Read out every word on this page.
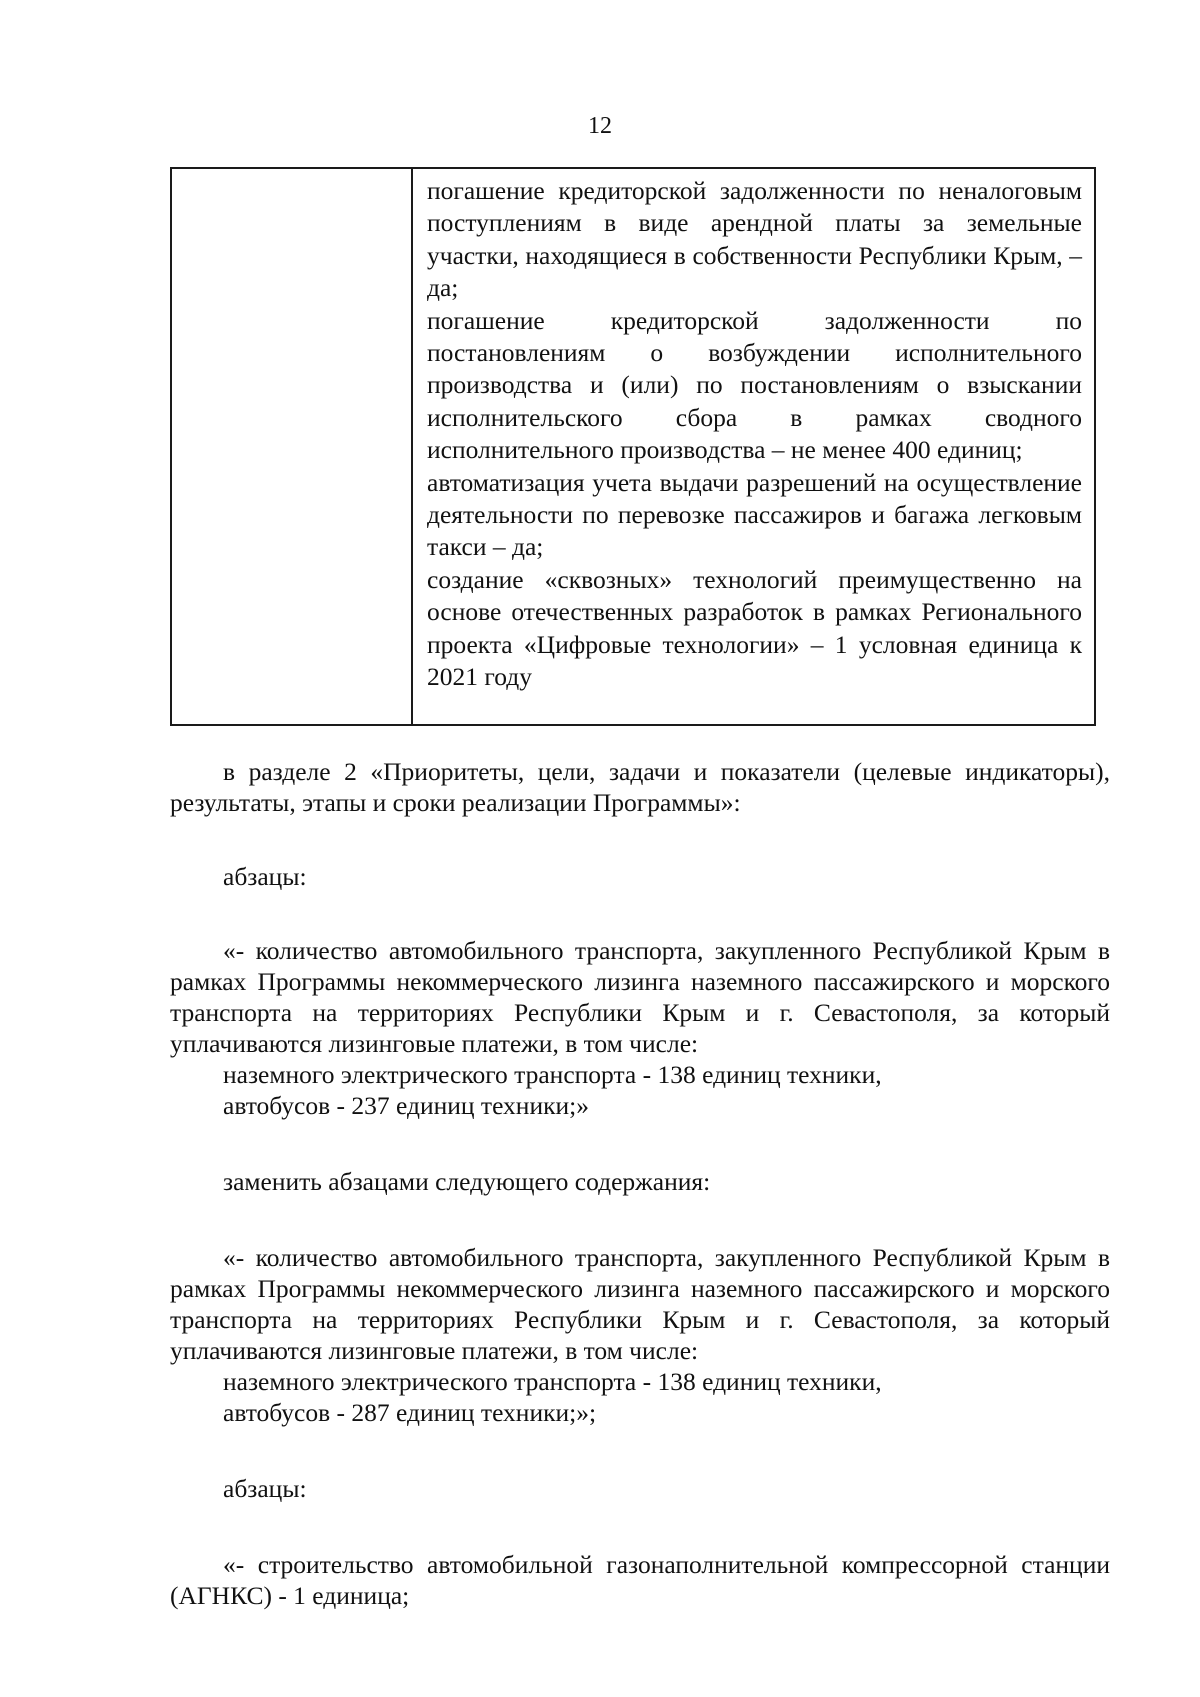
12

погашение кредиторской задолженности по неналоговым поступлениям в виде арендной платы за земельные участки, находящиеся в собственности Республики Крым, – да;

погашение кредиторской задолженности по постановлениям о возбуждении исполнительного производства и (или) по постановлениям о взыскании исполнительского сбора в рамках сводного исполнительного производства – не менее 400 единиц;

автоматизация учета выдачи разрешений на осуществление деятельности по перевозке пассажиров и багажа легковым такси – да;

создание «сквозных» технологий преимущественно на основе отечественных разработок в рамках Регионального проекта «Цифровые технологии» – 1 условная единица к 2021 году

в разделе 2 «Приоритеты, цели, задачи и показатели (целевые индикаторы), результаты, этапы и сроки реализации Программы»:

абзацы:

«- количество автомобильного транспорта, закупленного Республикой Крым в рамках Программы некоммерческого лизинга наземного пассажирского и морского транспорта на территориях Республики Крым и г. Севастополя, за который уплачиваются лизинговые платежи, в том числе:

наземного электрического транспорта - 138 единиц техники,

автобусов - 237 единиц техники;»

заменить абзацами следующего содержания:

«- количество автомобильного транспорта, закупленного Республикой Крым в рамках Программы некоммерческого лизинга наземного пассажирского и морского транспорта на территориях Республики Крым и г. Севастополя, за который уплачиваются лизинговые платежи, в том числе:

наземного электрического транспорта - 138 единиц техники,

автобусов - 287 единиц техники;»;

абзацы:

«- строительство автомобильной газонаполнительной компрессорной станции (АГНКС) - 1 единица;
